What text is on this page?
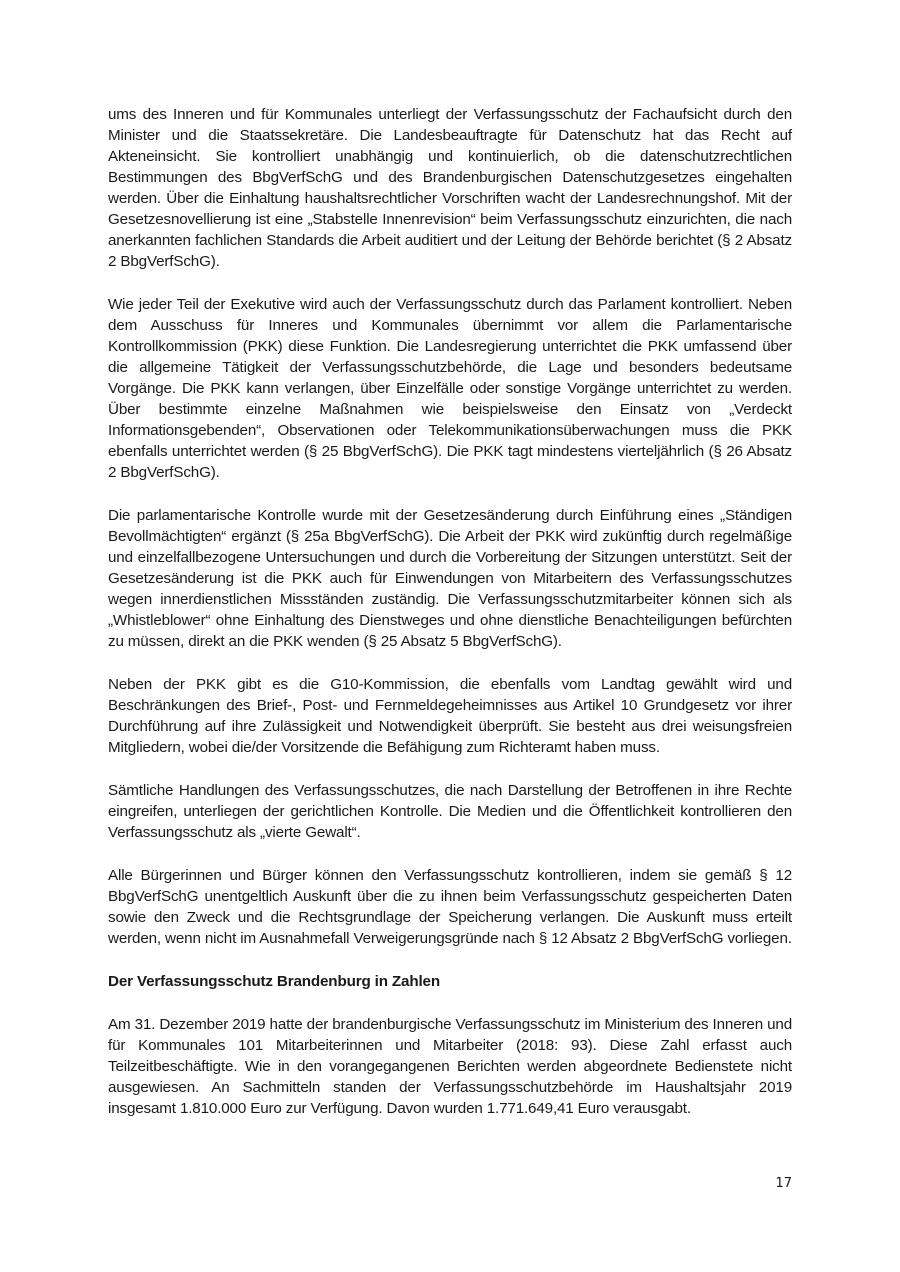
ums des Inneren und für Kommunales unterliegt der Verfassungsschutz der Fachaufsicht durch den Minister und die Staatssekretäre. Die Landesbeauftragte für Datenschutz hat das Recht auf Akteneinsicht. Sie kontrolliert unabhängig und kontinuierlich, ob die datenschutzrechtlichen Bestimmungen des BbgVerfSchG und des Brandenburgischen Datenschutzgesetzes eingehalten werden. Über die Einhaltung haushaltsrechtlicher Vorschriften wacht der Landesrechnungshof. Mit der Gesetzesnovellierung ist eine „Stabstelle Innenrevision“ beim Verfassungsschutz einzurichten, die nach anerkannten fachlichen Standards die Arbeit auditiert und der Leitung der Behörde berichtet (§ 2 Absatz 2 BbgVerfSchG).

Wie jeder Teil der Exekutive wird auch der Verfassungsschutz durch das Parlament kontrolliert. Neben dem Ausschuss für Inneres und Kommunales übernimmt vor allem die Parlamentarische Kontrollkommission (PKK) diese Funktion. Die Landesregierung unterrichtet die PKK umfassend über die allgemeine Tätigkeit der Verfassungsschutzbehörde, die Lage und besonders bedeutsame Vorgänge. Die PKK kann verlangen, über Einzelfälle oder sonstige Vorgänge unterrichtet zu werden. Über bestimmte einzelne Maßnahmen wie beispielsweise den Einsatz von „Verdeckt Informationsgebenden“, Observationen oder Telekommunikationsüberwachungen muss die PKK ebenfalls unterrichtet werden (§ 25 BbgVerfSchG). Die PKK tagt mindestens vierteljährlich (§ 26 Absatz 2 BbgVerfSchG).

Die parlamentarische Kontrolle wurde mit der Gesetzesänderung durch Einführung eines „Ständigen Bevollmächtigten“ ergänzt (§ 25a BbgVerfSchG). Die Arbeit der PKK wird zukünftig durch regelmäßige und einzelfallbezogene Untersuchungen und durch die Vorbereitung der Sitzungen unterstützt. Seit der Gesetzesänderung ist die PKK auch für Einwendungen von Mitarbeitern des Verfassungsschutzes wegen innerdienstlichen Missständen zuständig. Die Verfassungsschutzmitarbeiter können sich als „Whistleblower“ ohne Einhaltung des Dienstweges und ohne dienstliche Benachteiligungen befürchten zu müssen, direkt an die PKK wenden (§ 25 Absatz 5 BbgVerfSchG).

Neben der PKK gibt es die G10-Kommission, die ebenfalls vom Landtag gewählt wird und Beschränkungen des Brief-, Post- und Fernmeldegeheimnisses aus Artikel 10 Grundgesetz vor ihrer Durchführung auf ihre Zulässigkeit und Notwendigkeit überprüft. Sie besteht aus drei weisungsfreien Mitgliedern, wobei die/der Vorsitzende die Befähigung zum Richteramt haben muss.

Sämtliche Handlungen des Verfassungsschutzes, die nach Darstellung der Betroffenen in ihre Rechte eingreifen, unterliegen der gerichtlichen Kontrolle. Die Medien und die Öffentlichkeit kontrollieren den Verfassungsschutz als „vierte Gewalt“.

Alle Bürgerinnen und Bürger können den Verfassungsschutz kontrollieren, indem sie gemäß § 12 BbgVerfSchG unentgeltlich Auskunft über die zu ihnen beim Verfassungsschutz gespeicherten Daten sowie den Zweck und die Rechtsgrundlage der Speicherung verlangen. Die Auskunft muss erteilt werden, wenn nicht im Ausnahmefall Verweigerungsgründe nach § 12 Absatz 2 BbgVerfSchG vorliegen.

Der Verfassungsschutz Brandenburg in Zahlen

Am 31. Dezember 2019 hatte der brandenburgische Verfassungsschutz im Ministerium des Inneren und für Kommunales 101 Mitarbeiterinnen und Mitarbeiter (2018: 93). Diese Zahl erfasst auch Teilzeitbeschäftigte. Wie in den vorangegangenen Berichten werden abgeordnete Bedienstete nicht ausgewiesen. An Sachmitteln standen der Verfassungsschutzbehörde im Haushaltsjahr 2019 insgesamt 1.810.000 Euro zur Verfügung. Davon wurden 1.771.649,41 Euro verausgabt.

17
